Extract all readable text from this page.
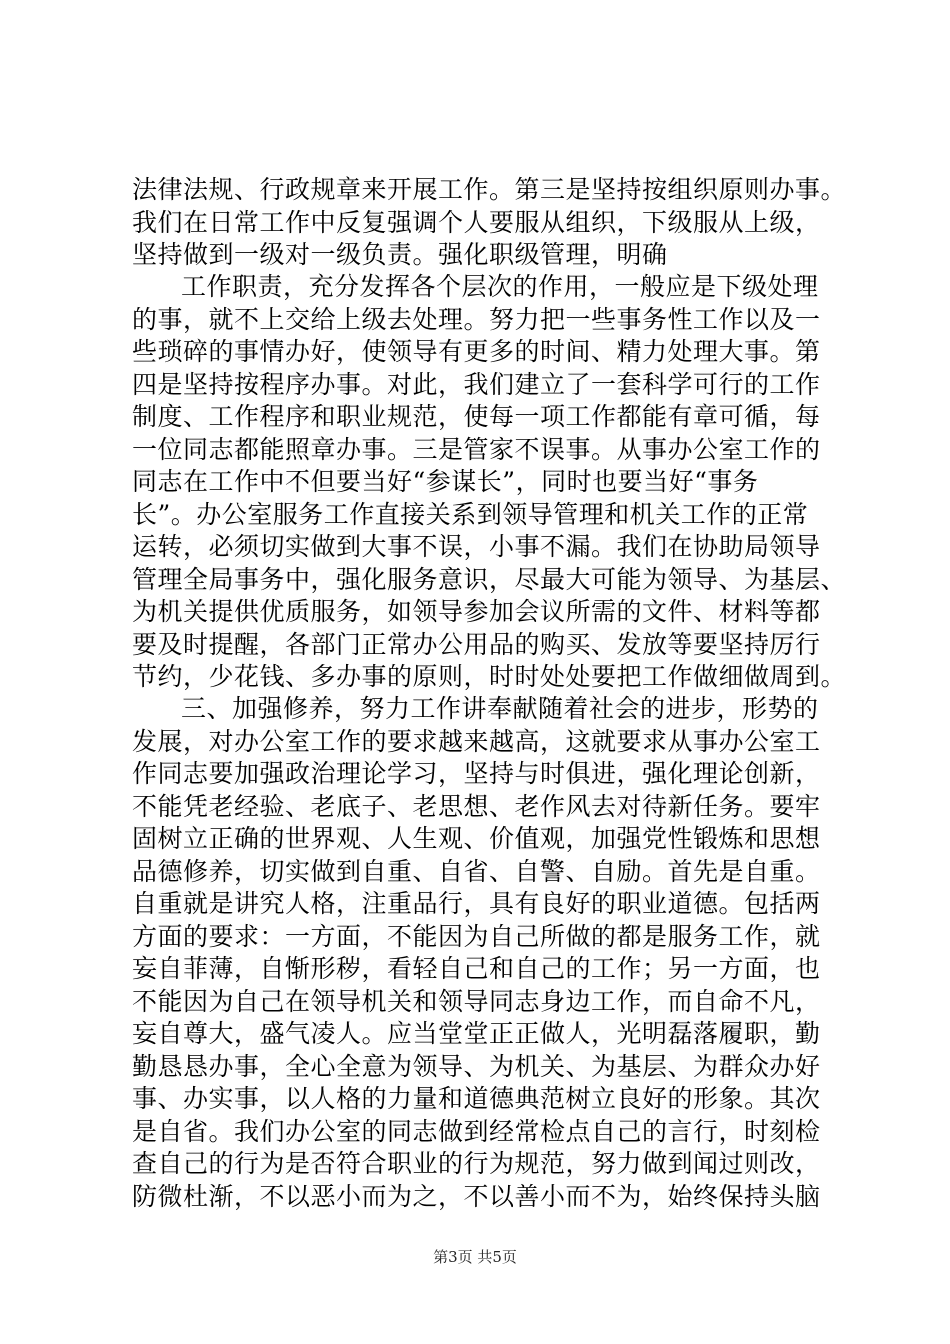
法律法规、行政规章来开展工作。第三是坚持按组织原则办事。
我们在日常工作中反复强调个人要服从组织，下级服从上级，
坚持做到一级对一级负责。强化职级管理，明确
工作职责，充分发挥各个层次的作用，一般应是下级处理
的事，就不上交给上级去处理。努力把一些事务性工作以及一
些琐碎的事情办好，使领导有更多的时间、精力处理大事。第
四是坚持按程序办事。对此，我们建立了一套科学可行的工作
制度、工作程序和职业规范，使每一项工作都能有章可循，每
一位同志都能照章办事。三是管家不误事。从事办公室工作的
同志在工作中不但要当好“参谋长”，同时也要当好“事务
长”。办公室服务工作直接关系到领导管理和机关工作的正常
运转，必须切实做到大事不误，小事不漏。我们在协助局领导
管理全局事务中，强化服务意识，尽最大可能为领导、为基层、
为机关提供优质服务，如领导参加会议所需的文件、材料等都
要及时提醒，各部门正常办公用品的购买、发放等要坚持厉行
节约，少花钱、多办事的原则，时时处处要把工作做细做周到。
三、加强修养，努力工作讲奉献随着社会的进步，形势的
发展，对办公室工作的要求越来越高，这就要求从事办公室工
作同志要加强政治理论学习，坚持与时俱进，强化理论创新，
不能凭老经验、老底子、老思想、老作风去对待新任务。要牢
固树立正确的世界观、人生观、价值观，加强党性锻炼和思想
品德修养，切实做到自重、自省、自警、自励。首先是自重。
自重就是讲究人格，注重品行，具有良好的职业道德。包括两
方面的要求：一方面，不能因为自己所做的都是服务工作，就
妄自菲薄，自惭形秽，看轻自己和自己的工作；另一方面，也
不能因为自己在领导机关和领导同志身边工作，而自命不凡，
妄自尊大，盛气凌人。应当堂堂正正做人，光明磊落履职，勤
勤恳恳办事，全心全意为领导、为机关、为基层、为群众办好
事、办实事，以人格的力量和道德典范树立良好的形象。其次
是自省。我们办公室的同志做到经常检点自己的言行，时刻检
查自己的行为是否符合职业的行为规范，努力做到闻过则改，
防微杜渐，不以恶小而为之，不以善小而不为，始终保持头脑
第3页 共5页
